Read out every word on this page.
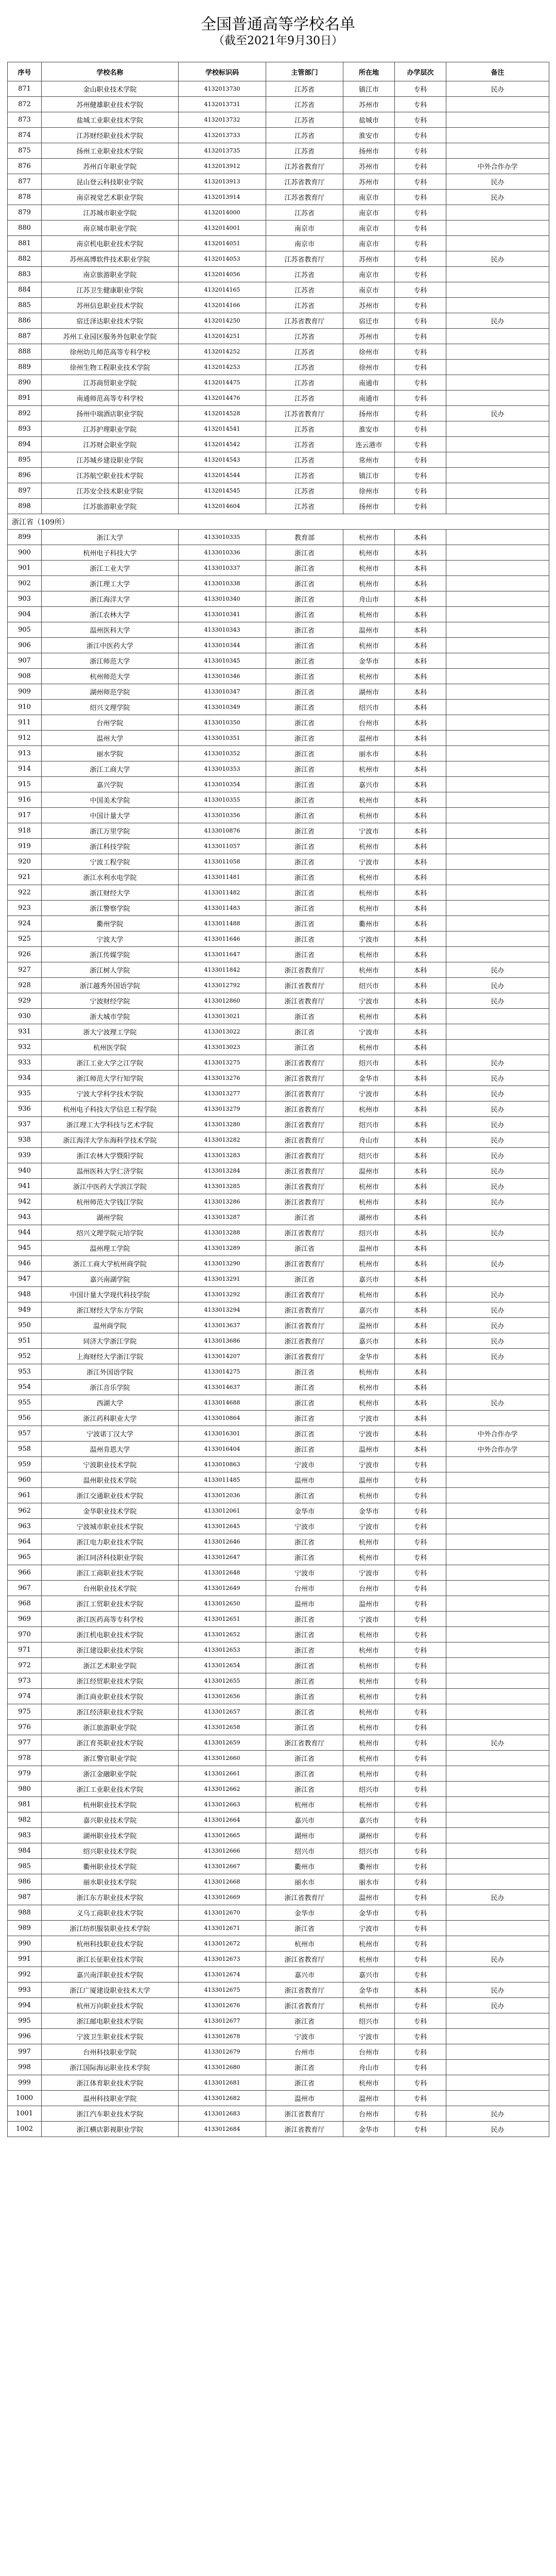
全国普通高等学校名单
（截至2021年9月30日）
序号	学校名称	学校标识码	主管部门	所在地	办学层次	备注
871	金山职业技术学院	4132013730	江苏省	镇江市	专科	民办
872	苏州健雄职业技术学院	4132013731	江苏省	苏州市	专科	
873	盐城工业职业技术学院	4132013732	江苏省	盐城市	专科	
874	江苏财经职业技术学院	4132013733	江苏省	淮安市	专科	
875	扬州工业职业技术学院	4132013735	江苏省	扬州市	专科	
876	苏州百年职业学院	4132013912	江苏省教育厅	苏州市	专科	中外合作办学
877	昆山登云科技职业学院	4132013913	江苏省教育厅	苏州市	专科	民办
878	南京视觉艺术职业学院	4132013914	江苏省教育厅	南京市	专科	民办
879	江苏城市职业学院	4132014000	江苏省	南京市	专科	
880	南京城市职业学院	4132014001	南京市	南京市	专科	
881	南京机电职业技术学院	4132014051	南京市	南京市	专科	
882	苏州高博软件技术职业学院	4132014053	江苏省教育厅	苏州市	专科	民办
883	南京旅游职业学院	4132014056	江苏省	南京市	专科	
884	江苏卫生健康职业学院	4132014165	江苏省	南京市	专科	
885	苏州信息职业技术学院	4132014166	江苏省	苏州市	专科	
886	宿迁泽达职业技术学院	4132014250	江苏省教育厅	宿迁市	专科	民办
887	苏州工业园区服务外包职业学院	4132014251	江苏省	苏州市	专科	
888	徐州幼儿师范高等专科学校	4132014252	江苏省	徐州市	专科	
889	徐州生物工程职业技术学院	4132014253	江苏省	徐州市	专科	
890	江苏商贸职业学院	4132014475	江苏省	南通市	专科	
891	南通师范高等专科学校	4132014476	江苏省	南通市	专科	
892	扬州中瑞酒店职业学院	4132014528	江苏省教育厅	扬州市	专科	民办
893	江苏护理职业学院	4132014541	江苏省	淮安市	专科	
894	江苏财会职业学院	4132014542	江苏省	连云港市	专科	
895	江苏城乡建设职业学院	4132014543	江苏省	常州市	专科	
896	江苏航空职业技术学院	4132014544	江苏省	镇江市	专科	
897	江苏安全技术职业学院	4132014545	江苏省	徐州市	专科	
898	江苏旅游职业学院	4132014604	江苏省	扬州市	专科	
浙江省（109所）						
899	浙江大学	4133010335	教育部	杭州市	本科	
900	杭州电子科技大学	4133010336	浙江省	杭州市	本科	
901	浙江工业大学	4133010337	浙江省	杭州市	本科	
902	浙江理工大学	4133010338	浙江省	杭州市	本科	
903	浙江海洋大学	4133010340	浙江省	舟山市	本科	
904	浙江农林大学	4133010341	浙江省	杭州市	本科	
905	温州医科大学	4133010343	浙江省	温州市	本科	
906	浙江中医药大学	4133010344	浙江省	杭州市	本科	
907	浙江师范大学	4133010345	浙江省	金华市	本科	
908	杭州师范大学	4133010346	浙江省	杭州市	本科	
909	湖州师范学院	4133010347	浙江省	湖州市	本科	
910	绍兴文理学院	4133010349	浙江省	绍兴市	本科	
911	台州学院	4133010350	浙江省	台州市	本科	
912	温州大学	4133010351	浙江省	温州市	本科	
913	丽水学院	4133010352	浙江省	丽水市	本科	
914	浙江工商大学	4133010353	浙江省	杭州市	本科	
915	嘉兴学院	4133010354	浙江省	嘉兴市	本科	
916	中国美术学院	4133010355	浙江省	杭州市	本科	
917	中国计量大学	4133010356	浙江省	杭州市	本科	
918	浙江万里学院	4133010876	浙江省	宁波市	本科	
919	浙江科技学院	4133011057	浙江省	杭州市	本科	
920	宁波工程学院	4133011058	浙江省	宁波市	本科	
921	浙江水利水电学院	4133011481	浙江省	杭州市	本科	
922	浙江财经大学	4133011482	浙江省	杭州市	本科	
923	浙江警察学院	4133011483	浙江省	杭州市	本科	
924	衢州学院	4133011488	浙江省	衢州市	本科	
925	宁波大学	4133011646	浙江省	宁波市	本科	
926	浙江传媒学院	4133011647	浙江省	杭州市	本科	
927	浙江树人学院	4133011842	浙江省教育厅	杭州市	本科	民办
928	浙江越秀外国语学院	4133012792	浙江省教育厅	绍兴市	本科	民办
929	宁波财经学院	4133012860	浙江省教育厅	宁波市	本科	民办
930	浙大城市学院	4133013021	浙江省	杭州市	本科	
931	浙大宁波理工学院	4133013022	浙江省	宁波市	本科	
932	杭州医学院	4133013023	浙江省	杭州市	本科	
933	浙江工业大学之江学院	4133013275	浙江省教育厅	绍兴市	本科	民办
934	浙江师范大学行知学院	4133013276	浙江省教育厅	金华市	本科	民办
935	宁波大学科学技术学院	4133013277	浙江省教育厅	宁波市	本科	民办
936	杭州电子科技大学信息工程学院	4133013279	浙江省教育厅	杭州市	本科	民办
937	浙江理工大学科技与艺术学院	4133013280	浙江省教育厅	绍兴市	本科	民办
938	浙江海洋大学东海科学技术学院	4133013282	浙江省教育厅	舟山市	本科	民办
939	浙江农林大学暨阳学院	4133013283	浙江省教育厅	绍兴市	本科	民办
940	温州医科大学仁济学院	4133013284	浙江省教育厅	温州市	本科	民办
941	浙江中医药大学滨江学院	4133013285	浙江省教育厅	杭州市	本科	民办
942	杭州师范大学钱江学院	4133013286	浙江省教育厅	杭州市	本科	民办
943	湖州学院	4133013287	浙江省	湖州市	本科	
944	绍兴文理学院元培学院	4133013288	浙江省教育厅	绍兴市	本科	民办
945	温州理工学院	4133013289	浙江省	温州市	本科	
946	浙江工商大学杭州商学院	4133013290	浙江省教育厅	杭州市	本科	民办
947	嘉兴南湖学院	4133013291	浙江省	嘉兴市	本科	
948	中国计量大学现代科技学院	4133013292	浙江省教育厅	杭州市	本科	民办
949	浙江财经大学东方学院	4133013294	浙江省教育厅	嘉兴市	本科	民办
950	温州商学院	4133013637	浙江省教育厅	温州市	本科	民办
951	同济大学浙江学院	4133013686	浙江省教育厅	嘉兴市	本科	民办
952	上海财经大学浙江学院	4133014207	浙江省教育厅	金华市	本科	民办
953	浙江外国语学院	4133014275	浙江省	杭州市	本科	
954	浙江音乐学院	4133014637	浙江省	杭州市	本科	
955	西湖大学	4133014688	浙江省	杭州市	本科	民办
956	浙江药科职业大学	4133010864	浙江省	宁波市	本科	
957	宁波诺丁汉大学	4133016301	浙江省	宁波市	本科	中外合作办学
958	温州肯恩大学	4133016404	浙江省	温州市	本科	中外合作办学
959	宁波职业技术学院	4133010863	宁波市	宁波市	专科	
960	温州职业技术学院	4133011485	温州市	温州市	专科	
961	浙江交通职业技术学院	4133012036	浙江省	杭州市	专科	
962	金华职业技术学院	4133012061	金华市	金华市	专科	
963	宁波城市职业技术学院	4133012645	宁波市	宁波市	专科	
964	浙江电力职业技术学院	4133012646	浙江省	杭州市	专科	
965	浙江同济科技职业学院	4133012647	浙江省	杭州市	专科	
966	浙江工商职业技术学院	4133012648	宁波市	宁波市	专科	
967	台州职业技术学院	4133012649	台州市	台州市	专科	
968	浙江工贸职业技术学院	4133012650	温州市	温州市	专科	
969	浙江医药高等专科学校	4133012651	浙江省	宁波市	专科	
970	浙江机电职业技术学院	4133012652	浙江省	杭州市	专科	
971	浙江建设职业技术学院	4133012653	浙江省	杭州市	专科	
972	浙江艺术职业学院	4133012654	浙江省	杭州市	专科	
973	浙江经贸职业技术学院	4133012655	浙江省	杭州市	专科	
974	浙江商业职业技术学院	4133012656	浙江省	杭州市	专科	
975	浙江经济职业技术学院	4133012657	浙江省	杭州市	专科	
976	浙江旅游职业学院	4133012658	浙江省	杭州市	专科	
977	浙江育英职业技术学院	4133012659	浙江省教育厅	杭州市	专科	民办
978	浙江警官职业学院	4133012660	浙江省	杭州市	专科	
979	浙江金融职业学院	4133012661	浙江省	杭州市	专科	
980	浙江工业职业技术学院	4133012662	浙江省	绍兴市	专科	
981	杭州职业技术学院	4133012663	杭州市	杭州市	专科	
982	嘉兴职业技术学院	4133012664	嘉兴市	嘉兴市	专科	
983	湖州职业技术学院	4133012665	湖州市	湖州市	专科	
984	绍兴职业技术学院	4133012666	绍兴市	绍兴市	专科	
985	衢州职业技术学院	4133012667	衢州市	衢州市	专科	
986	丽水职业技术学院	4133012668	丽水市	丽水市	专科	
987	浙江东方职业技术学院	4133012669	浙江省教育厅	温州市	专科	民办
988	义乌工商职业技术学院	4133012670	金华市	金华市	专科	
989	浙江纺织服装职业技术学院	4133012671	浙江省	宁波市	专科	
990	杭州科技职业技术学院	4133012672	杭州市	杭州市	专科	
991	浙江长征职业技术学院	4133012673	浙江省教育厅	杭州市	专科	民办
992	嘉兴南洋职业技术学院	4133012674	嘉兴市	嘉兴市	专科	
993	浙江广厦建设职业技术大学	4133012675	浙江省教育厅	金华市	本科	民办
994	杭州万向职业技术学院	4133012676	浙江省教育厅	杭州市	专科	民办
995	浙江邮电职业技术学院	4133012677	浙江省	绍兴市	专科	
996	宁波卫生职业技术学院	4133012678	宁波市	宁波市	专科	
997	台州科技职业学院	4133012679	台州市	台州市	专科	
998	浙江国际海运职业技术学院	4133012680	浙江省	舟山市	专科	
999	浙江体育职业技术学院	4133012681	浙江省	杭州市	专科	
1000	温州科技职业学院	4133012682	温州市	温州市	专科	
1001	浙江汽车职业技术学院	4133012683	浙江省教育厅	台州市	专科	民办
1002	浙江横店影视职业学院	4133012684	浙江省教育厅	金华市	专科	民办
